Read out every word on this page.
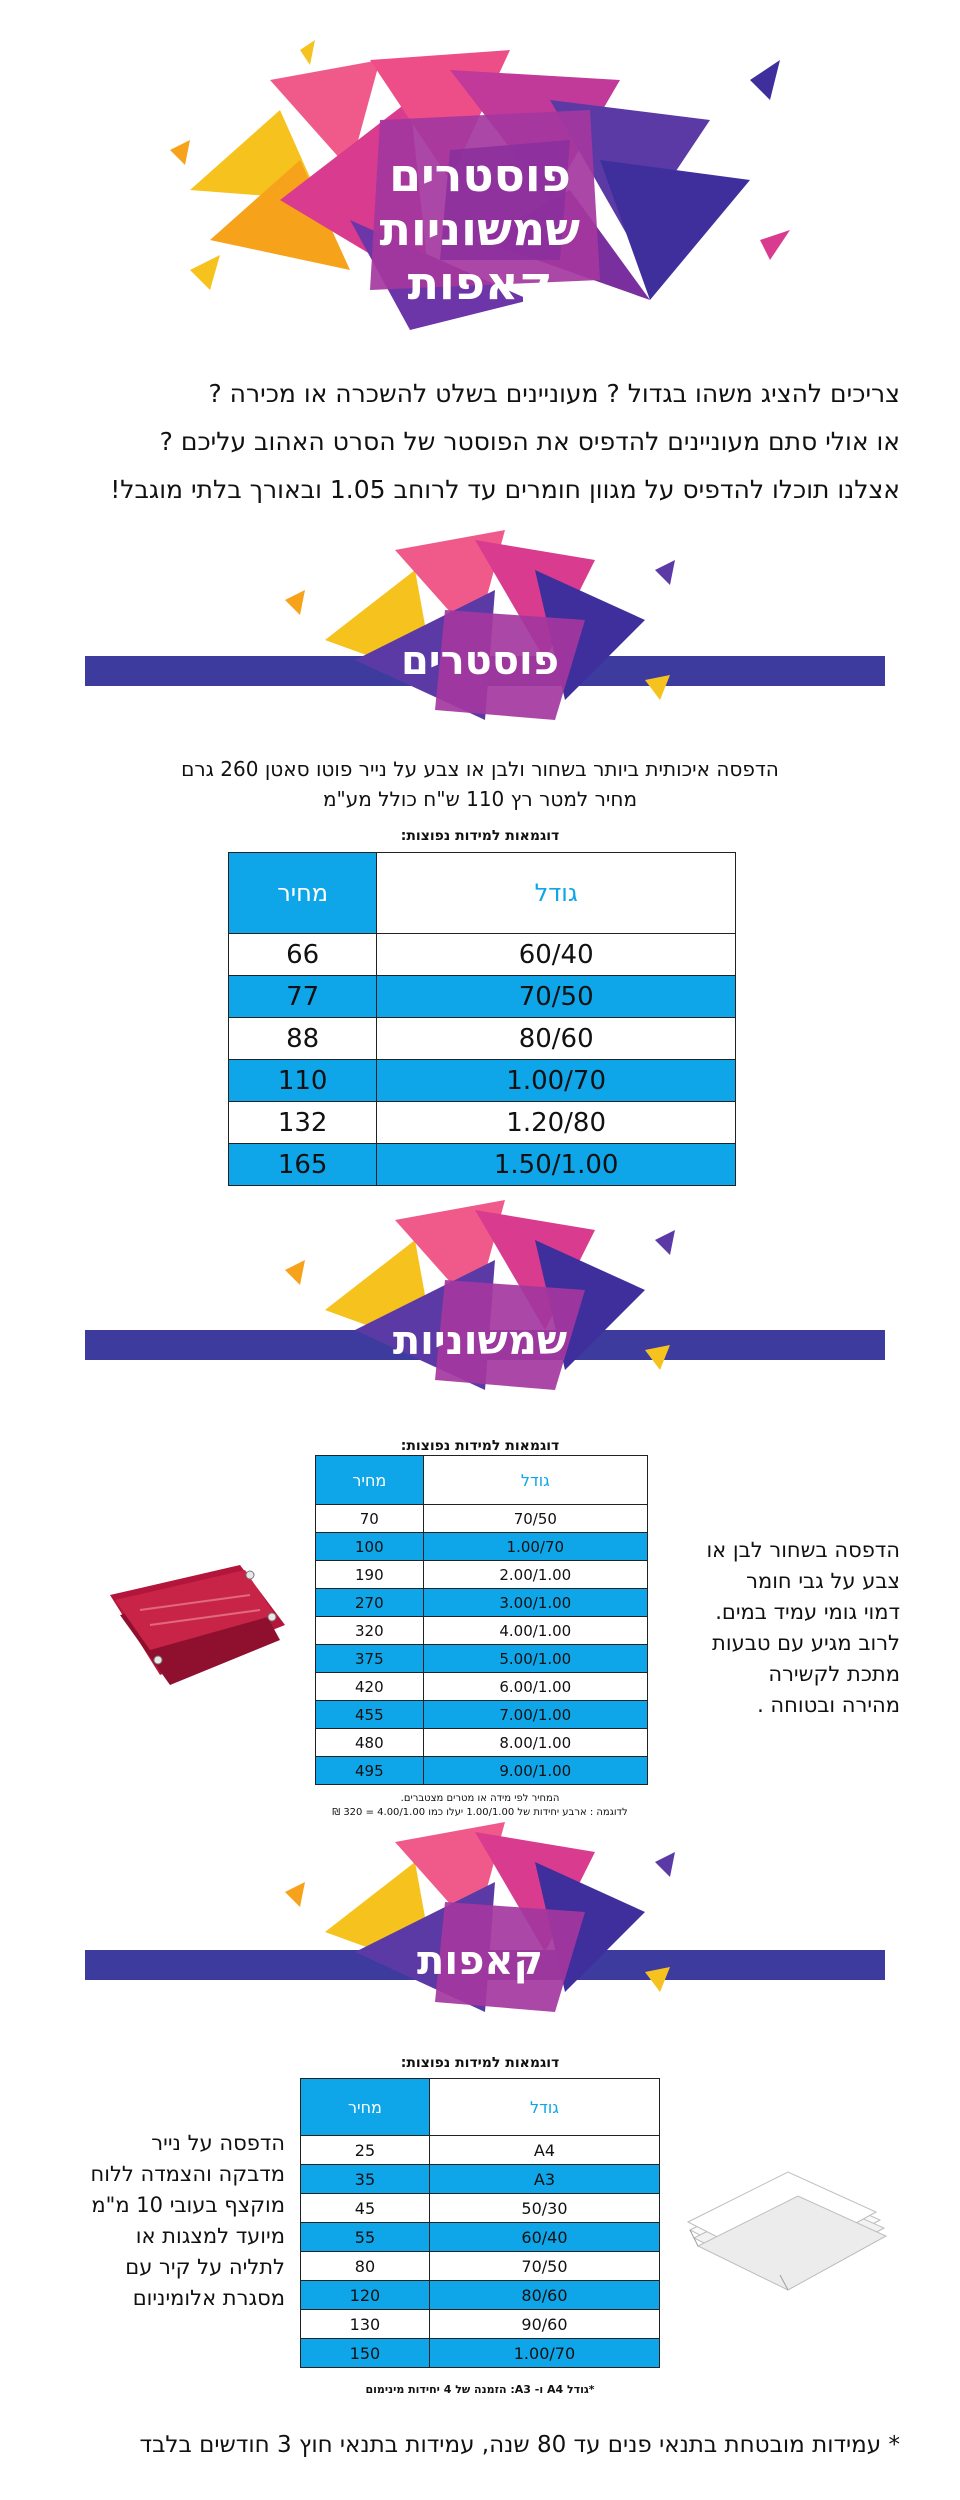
פוסטרים
שמשוניות
קאפות

צריכים להציג משהו בגדול ? מעוניינים בשלט להשכרה או מכירה ?

או אולי סתם מעוניינים להדפיס את הפוסטר של הסרט האהוב עליכם ?

אצלנו תוכלו להדפיס על מגוון חומרים עד לרוחב 1.05 ובאורך בלתי מוגבל!

פוסטרים
הדפסה איכותית ביותר בשחור ולבן או צבע על נייר פוטו סאטן 260 גרם
מחיר למטר רץ 110 ש"ח כולל מע"מ
דוגמאות למידות נפוצות:
גודל	מחיר
60/40	66
70/50	77
80/60	88
1.00/70	110
1.20/80	132
1.50/1.00	165
שמשוניות
דוגמאות למידות נפוצות:
גודל	מחיר
70/50	70
1.00/70	100
2.00/1.00	190
3.00/1.00	270
4.00/1.00	320
5.00/1.00	375
6.00/1.00	420
7.00/1.00	455
8.00/1.00	480
9.00/1.00	495
הדפסה בשחור לבן או
צבע על גבי חומר
דמוי גומי עמיד במים.
לרוב מגיע עם טבעות
מתכת לקשירה
מהירה ובטוחה .
המחיר לפי מידה או מטרים מצטברים.
לדוגמה : ארבע יחידות של 1.00/1.00 יעלו כמו 4.00/1.00 = 320 ₪
קאפות
דוגמאות למידות נפוצות:
גודל	מחיר
A4	25
A3	35
50/30	45
60/40	55
70/50	80
80/60	120
90/60	130
1.00/70	150
הדפסה על נייר
מדבקה והצמדה ללוח
מוקצף בעובי 10 מ"מ
מיועד למצגות או
לתליה על קיר עם
מסגרת אלומיניום
*גודל A4 ו- A3: הזמנה של 4 יחידות מינימום
* עמידות מובטחת בתנאי פנים עד 80 שנה, עמידות בתנאי חוץ 3 חודשים בלבד
